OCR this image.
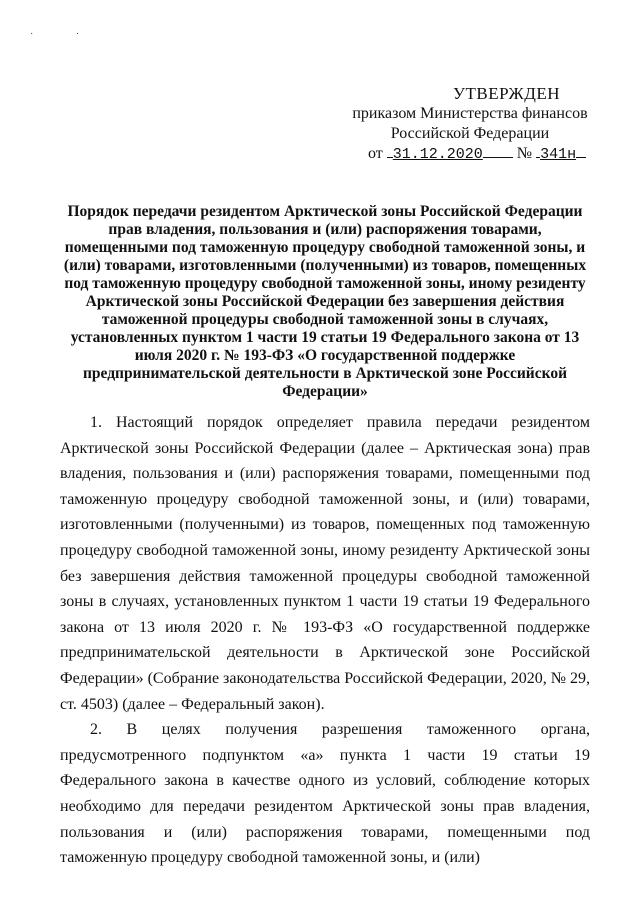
˙ ˙
УТВЕРЖДЕН
приказом Министерства финансов
Российской Федерации
от 31.12.2020 № 341н
Порядок передачи резидентом Арктической зоны Российской Федерации прав владения, пользования и (или) распоряжения товарами, помещенными под таможенную процедуру свободной таможенной зоны, и (или) товарами, изготовленными (полученными) из товаров, помещенных под таможенную процедуру свободной таможенной зоны, иному резиденту Арктической зоны Российской Федерации без завершения действия таможенной процедуры свободной таможенной зоны в случаях, установленных пунктом 1 части 19 статьи 19 Федерального закона от 13 июля 2020 г. № 193-ФЗ «О государственной поддержке предпринимательской деятельности в Арктической зоне Российской Федерации»

1. Настоящий порядок определяет правила передачи резидентом Арктической зоны Российской Федерации (далее – Арктическая зона) прав владения, пользования и (или) распоряжения товарами, помещенными под таможенную процедуру свободной таможенной зоны, и (или) товарами, изготовленными (полученными) из товаров, помещенных под таможенную процедуру свободной таможенной зоны, иному резиденту Арктической зоны без завершения действия таможенной процедуры свободной таможенной зоны в случаях, установленных пунктом 1 части 19 статьи 19 Федерального закона от 13 июля 2020 г. № 193-ФЗ «О государственной поддержке предпринимательской деятельности в Арктической зоне Российской Федерации» (Собрание законодательства Российской Федерации, 2020, № 29, ст. 4503) (далее – Федеральный закон).

2. В целях получения разрешения таможенного органа, предусмотренного подпунктом «а» пункта 1 части 19 статьи 19 Федерального закона в качестве одного из условий, соблюдение которых необходимо для передачи резидентом Арктической зоны прав владения, пользования и (или) распоряжения товарами, помещенными под таможенную процедуру свободной таможенной зоны, и (или)
